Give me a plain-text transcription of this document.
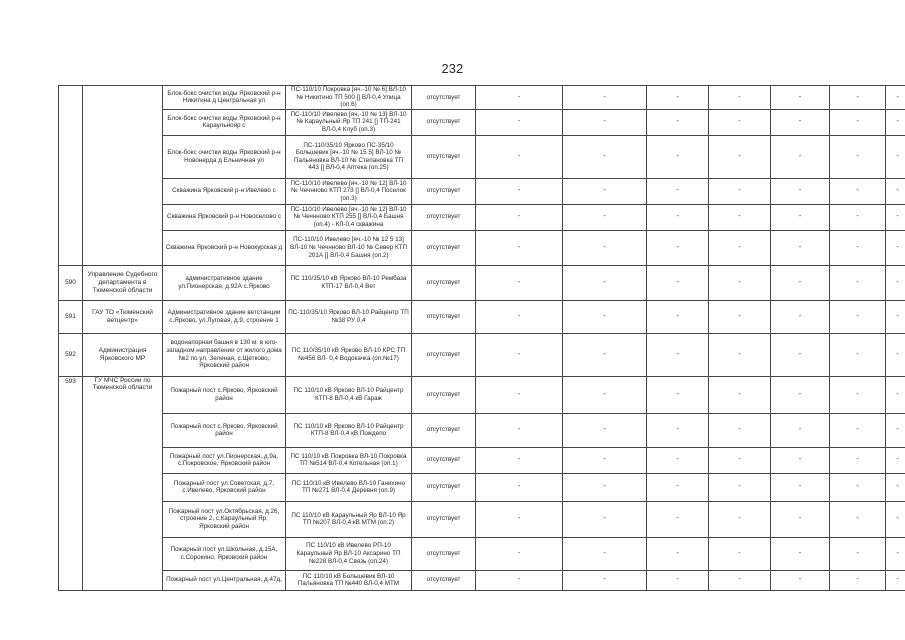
232
		Блок-бокс очистки воды Ярковский р-н Никитина д Центральная ул	ПС-110/10 Покровка [яч.-10 № 6] ВЛ-10 № Никитино ТП 500 [] ВЛ-0,4 Улица (оп.6)	отсутствует	-	-	-	-	-	-	-
		Блок-бокс очистки воды Ярковский р-н Караульнояр с	ПС-110/10 Ивелево [яч.-10 № 13] ВЛ-10 № Караульный Яр ТП 241 [] ТП-241 ВЛ-0,4 Клуб (оп.3)	отсутствует	-	-	-	-	-	-	-
		Блок-бокс очистки воды Ярковский р-н Новонерда д Ельничная ул	ПС-110/35/10 Ярково ПС-35/10 Большевик [яч.-10 № 15 5] ВЛ-10 № Пальяновка ВЛ-10 № Степановка ТП 443 [] ВЛ-0,4 Аптека (оп.25)	отсутствует	-	-	-	-	-	-	-
		Скважина Ярковский р-н Ивелево с	ПС-110/10 Ивелево [яч.-10 № 12] ВЛ-10 № Чечнново КТП 273 [] ВЛ-0,4 Поселок (оп.3)	отсутствует	-	-	-	-	-	-	-
		Скважина Ярковский р-н Новоселово с	ПС-110/10 Ивелево [яч.-10 № 12] ВЛ-10 № Чечнново КТП 255 [] ВЛ-0,4 Башня (оп.4) - КЛ-0,4 скважина	отсутствует	-	-	-	-	-	-	-
		Скважина Ярковский р-н Новокурская д	ПС-110/10 Ивелево [яч.-10 № 12 5 13] ВЛ-10 № Чечнново ВЛ-10 № Север КТП 201А [] ВЛ-0,4 Башня (оп.2)	отсутствует	-	-	-	-	-	-	-
590	Управление Судебного департамента в Тюменской области	административное здание ул.Пионерская, д.92А с.Ярково	ПС 110/35/10 кВ Ярково ВЛ-10 Рембаза КТП-17 ВЛ-0,4 Вет	отсутствует	-	-	-	-	-	-	-
591	ГАУ ТО «Тюменский ветцентр»	Административное здание ветстанции с.Ярково, ул.Луговая, д.9, строение 1	ПС-110/35/10 Ярково ВЛ-10 Райцентр ТП №38 РУ 0,4	отсутствует	-	-	-	-	-	-	-
592	Администрация Ярковского МР	водонапорная башня в 130 м. в юго-западном направлении от жилого дома №2 по ул. Зеленая, с.Щетково, Ярковский район	ПС 110/35/10 кВ Ярково ВЛ-10 КРС ТП №456 ВЛ- 0,4 Водокачка (оп.№17)	отсутствует	-	-	-	-	-	-	-
593	ГУ МЧС России по Тюменской области	Пожарный пост с.Ярково, Ярковский район	ПС 110/10 кВ Ярково ВЛ-10 Райцентр КТП-8 ВЛ-0,4 кВ Гараж	отсутствует	-	-	-	-	-	-	-
		Пожарный пост с.Ярково, Ярковский район	ПС 110/10 кВ Ярково ВЛ-10 Райцентр КТП-8 ВЛ-0,4 кВ Пождепо	отсутствует	-	-	-	-	-	-	-
		Пожарный пост ул.Пионерская, д.9а, с.Покровское, Ярковский район	ПС 110/10 кВ Покровка ВЛ-10 Покровка ТП №514 ВЛ-0,4 Котельная (оп.1)	отсутствует	-	-	-	-	-	-	-
		Пожарный пост ул.Советская, д.7, с.Ивелево, Ярковский район	ПС 110/10 кВ Ивелево ВЛ-10 Ганихино ТП №271 ВЛ-0,4 Деревня (оп.9)	отсутствует	-	-	-	-	-	-	-
		Пожарный пост ул.Октябрьская, д.26, строение 2, с.Караульный Яр, Ярковский район	ПС 110/10 кВ Караульный Яр ВЛ-10 Яр ТП №207 ВЛ-0,4 кВ МТМ (оп.2)	отсутствует	-	-	-	-	-	-	-
		Пожарный пост ул.Школьная, д.15А, с.Сорокино, Ярковский район	ПС 110/10 кВ Ивелево РП-10 Караульный Яр ВЛ-10 Аксарино ТП №228 ВЛ-0,4 Связь (оп.24)	отсутствует	-	-	-	-	-	-	-
		Пожарный пост ул.Центральная, д.47д,	ПС 110/10 кВ Большевик ВЛ-10 Пальяновка ТП №440 ВЛ-0,4 МТМ	отсутствует	-	-	-	-	-	-	-
